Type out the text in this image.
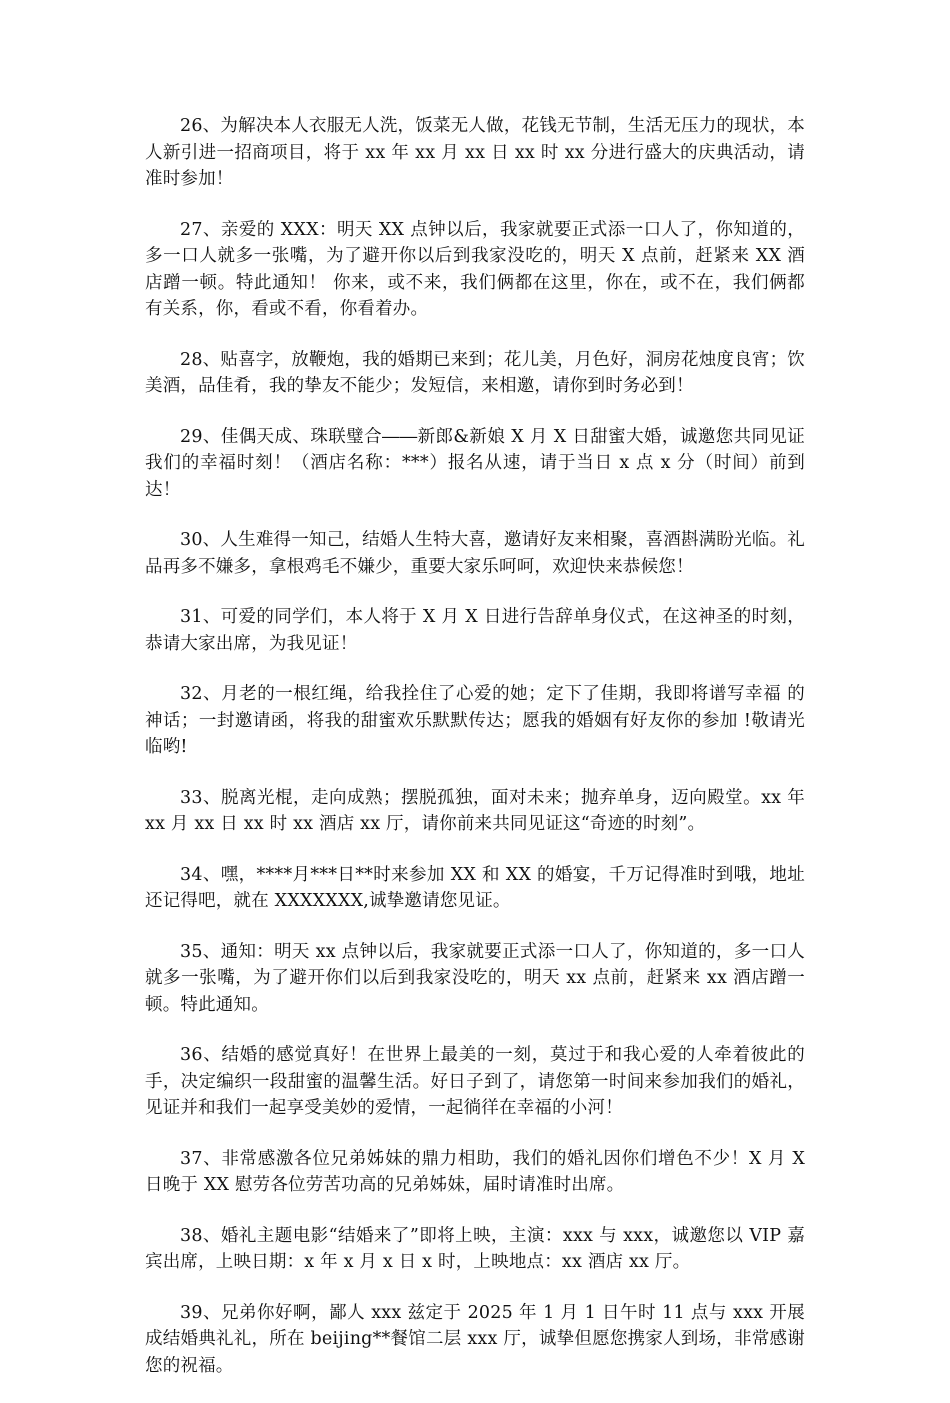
26、为解决本人衣服无人洗，饭菜无人做，花钱无节制，生活无压力的现状，本人新引进一招商项目，将于 xx 年 xx 月 xx 日 xx 时 xx 分进行盛大的庆典活动，请准时参加！

27、亲爱的 XXX：明天 XX 点钟以后，我家就要正式添一口人了，你知道的，多一口人就多一张嘴，为了避开你以后到我家没吃的，明天 X 点前，赶紧来 XX 酒店蹭一顿。特此通知！ 你来，或不来，我们俩都在这里，你在，或不在，我们俩都有关系，你，看或不看，你看着办。

28、贴喜字，放鞭炮，我的婚期已来到；花儿美，月色好，洞房花烛度良宵；饮美酒，品佳肴，我的挚友不能少；发短信，来相邀，请你到时务必到！

29、佳偶天成、珠联璧合――新郎&新娘 X 月 X 日甜蜜大婚，诚邀您共同见证我们的幸福时刻！（酒店名称：***）报名从速，请于当日 x 点 x 分（时间）前到达！

30、人生难得一知己，结婚人生特大喜，邀请好友来相聚，喜酒斟满盼光临。礼品再多不嫌多，拿根鸡毛不嫌少，重要大家乐呵呵，欢迎快来恭候您！

31、可爱的同学们，本人将于 X 月 X 日进行告辞单身仪式，在这神圣的时刻，恭请大家出席，为我见证！

32、月老的一根红绳，给我拴住了心爱的她；定下了佳期，我即将谱写幸福 的神话；一封邀请函，将我的甜蜜欢乐默默传达；愿我的婚姻有好友你的参加 !敬请光临哟!

33、脱离光棍，走向成熟；摆脱孤独，面对未来；抛弃单身，迈向殿堂。xx 年 xx 月 xx 日 xx 时 xx 酒店 xx 厅，请你前来共同见证这“奇迹的时刻”。

34、嘿，****月***日**时来参加 XX 和 XX 的婚宴，千万记得准时到哦，地址还记得吧，就在 XXXXXXX,诚挚邀请您见证。

35、通知：明天 xx 点钟以后，我家就要正式添一口人了，你知道的，多一口人就多一张嘴，为了避开你们以后到我家没吃的，明天 xx 点前，赶紧来 xx 酒店蹭一顿。特此通知。

36、结婚的感觉真好！在世界上最美的一刻，莫过于和我心爱的人牵着彼此的手，决定编织一段甜蜜的温馨生活。好日子到了，请您第一时间来参加我们的婚礼，见证并和我们一起享受美妙的爱情，一起徜徉在幸福的小河！

37、非常感激各位兄弟姊妹的鼎力相助，我们的婚礼因你们增色不少！X 月 X 日晚于 XX 慰劳各位劳苦功高的兄弟姊妹，届时请准时出席。

38、婚礼主题电影“结婚来了”即将上映，主演：xxx 与 xxx，诚邀您以 VIP 嘉宾出席，上映日期：x 年 x 月 x 日 x 时，上映地点：xx 酒店 xx 厅。

39、兄弟你好啊，鄙人 xxx 兹定于 2025 年 1 月 1 日午时 11 点与 xxx 开展成结婚典礼礼，所在 beijing**餐馆二层 xxx 厅，诚挚但愿您携家人到场，非常感谢您的祝福。
